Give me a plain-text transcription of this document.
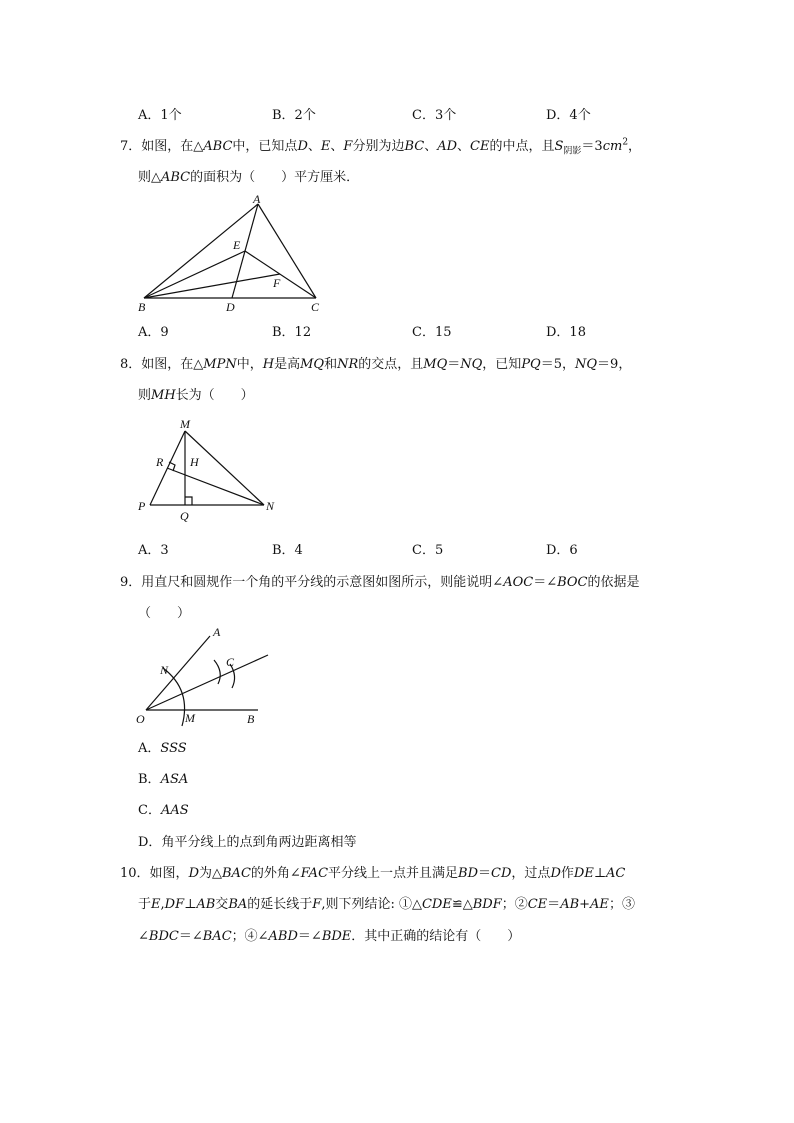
A．1个	B．2个	C．3个	D．4个
7．如图，在△ABC中，已知点D、E、F分别为边BC、AD、CE的中点，且$S_{阴影}=3cm^2$，
则△ABC的面积为（　　）平方厘米．
A
E
F
B	D	C
A．9	B．12	C．15	D．18
8．如图，在△MPN中，H是高MQ和NR的交点，且MQ＝NQ，已知PQ＝5，NQ＝9，
则MH长为（　　）
M
R H
P
Q
N
A．3	B．4	C．5	D．6
9．用直尺和圆规作一个角的平分线的示意图如图所示，则能说明∠AOC＝∠BOC的依据是
（　　）
A
N
C
O	M	B
A．SSS
B．ASA
C．AAS
D．角平分线上的点到角两边距离相等
10．如图，D为△BAC的外角∠FAC平分线上一点并且满足BD＝CD，过点D作DE⊥AC
于E,DF⊥AB交BA的延长线于F,则下列结论: ①△CDE≌△BDF；②CE＝AB+AE；③
∠BDC＝∠BAC；④∠ABD＝∠BDE．其中正确的结论有（　　）
